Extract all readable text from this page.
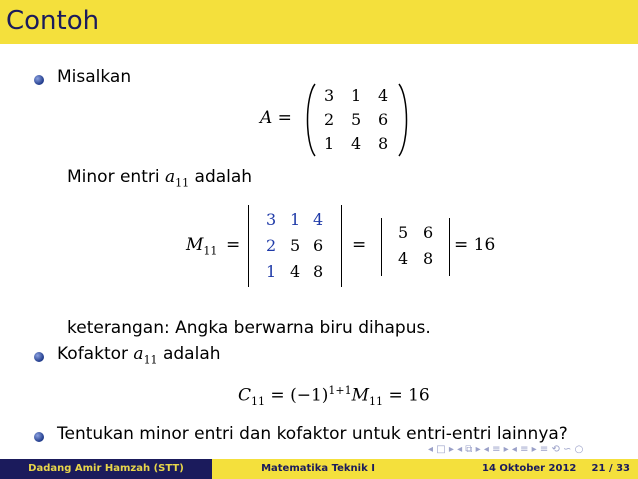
Contoh
Misalkan
A =
3 1 4
2 5 6
1 4 8
Minor entri $a_{11}$ adalah
$M_{11}$ =
3 1 4
2 5 6
1 4 8
=
5 6
4 8
= 16
keterangan: Angka berwarna biru dihapus.
Kofaktor $a_{11}$ adalah
$C_{11} = (-1)^{1+1}M_{11} = 16$
Tentukan minor entri dan kofaktor untuk entri-entri lainnya?
◂ □ ▸ ◂ ⧉ ▸ ◂ ≡ ▸ ◂ ≡ ▸ ≡ ⟲ ∽ ○
Dadang Amir Hamzah (STT)	Matematika Teknik I	14 Oktober 2012 21 / 33
